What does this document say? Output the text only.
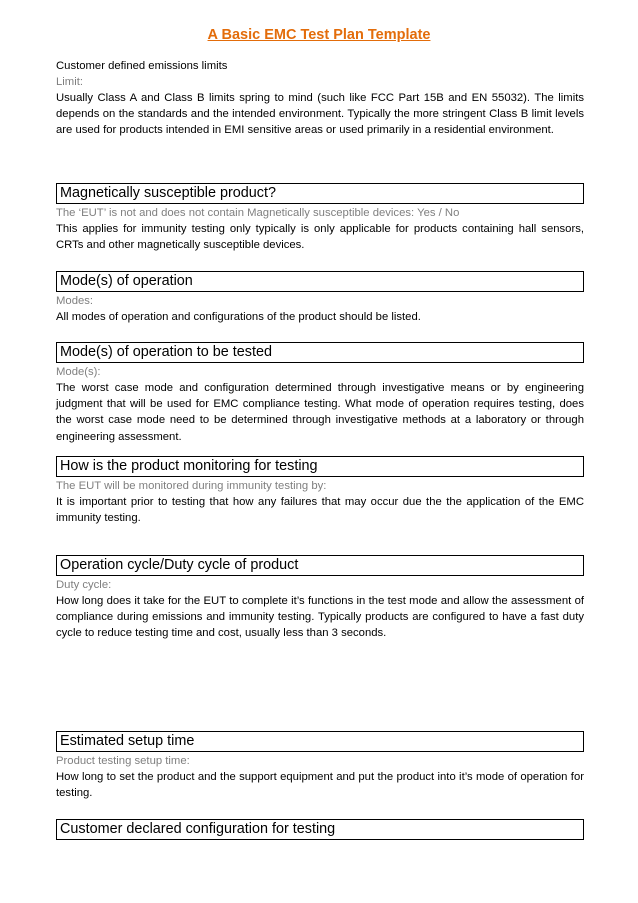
A Basic EMC Test Plan Template

Customer defined emissions limits

Limit:

Usually Class A and Class B limits spring to mind (such like FCC Part 15B and EN 55032). The limits depends on the standards and the intended environment. Typically the more stringent Class B limit levels are used for products intended in EMI sensitive areas or used primarily in a residential environment.

Magnetically susceptible product?

The ‘EUT’ is not and does not contain Magnetically susceptible devices: Yes / No

This applies for immunity testing only typically is only applicable for products containing hall sensors, CRTs and other magnetically susceptible devices.

Mode(s) of operation

Modes:

All modes of operation and configurations of the product should be listed.

Mode(s) of operation to be tested

Mode(s):

The worst case mode and configuration determined through investigative means or by engineering judgment that will be used for EMC compliance testing. What mode of operation requires testing, does the worst case mode need to be determined through investigative methods at a laboratory or through engineering assessment.

How is the product monitoring for testing

The EUT will be monitored during immunity testing by:

It is important prior to testing that how any failures that may occur due the the application of the EMC immunity testing.

Operation cycle/Duty cycle of product

Duty cycle:

How long does it take for the EUT to complete it’s functions in the test mode and allow the assessment of compliance during emissions and immunity testing. Typically products are configured to have a fast duty cycle to reduce testing time and cost, usually less than 3 seconds.

Estimated setup time

Product testing setup time:

How long to set the product and the support equipment and put the product into it’s mode of operation for testing.

Customer declared configuration for testing
